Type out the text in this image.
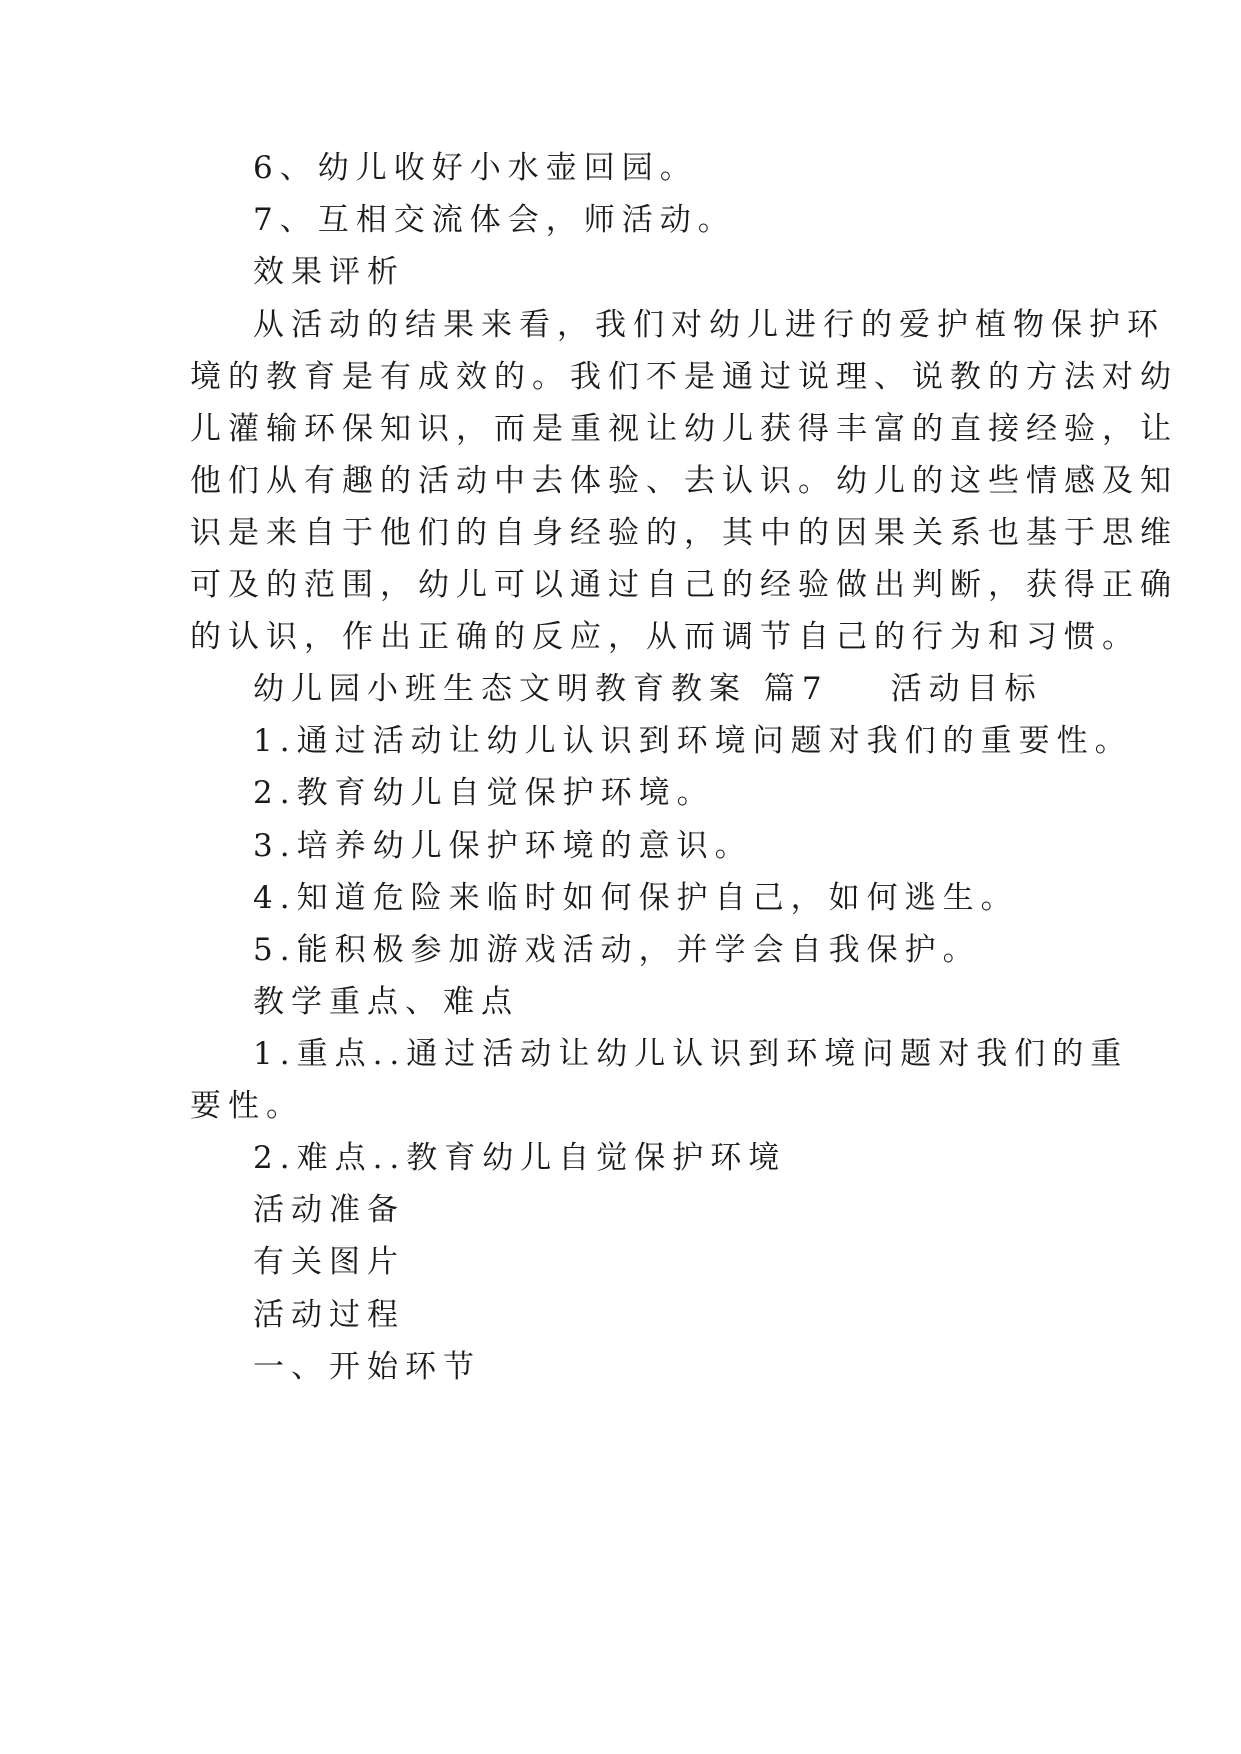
6、幼儿收好小水壶回园。
7、互相交流体会，师活动。
效果评析
从活动的结果来看，我们对幼儿进行的爱护植物保护环
境的教育是有成效的。我们不是通过说理、说教的方法对幼
儿灌输环保知识，而是重视让幼儿获得丰富的直接经验，让
他们从有趣的活动中去体验、去认识。幼儿的这些情感及知
识是来自于他们的自身经验的，其中的因果关系也基于思维
可及的范围，幼儿可以通过自己的经验做出判断，获得正确
的认识，作出正确的反应，从而调节自己的行为和习惯。
幼儿园小班生态文明教育教案 篇7 活动目标
1.通过活动让幼儿认识到环境问题对我们的重要性。
2.教育幼儿自觉保护环境。
3.培养幼儿保护环境的意识。
4.知道危险来临时如何保护自己，如何逃生。
5.能积极参加游戏活动，并学会自我保护。
教学重点、难点
1.重点..通过活动让幼儿认识到环境问题对我们的重
要性。
2.难点..教育幼儿自觉保护环境
活动准备
有关图片
活动过程
一、开始环节
